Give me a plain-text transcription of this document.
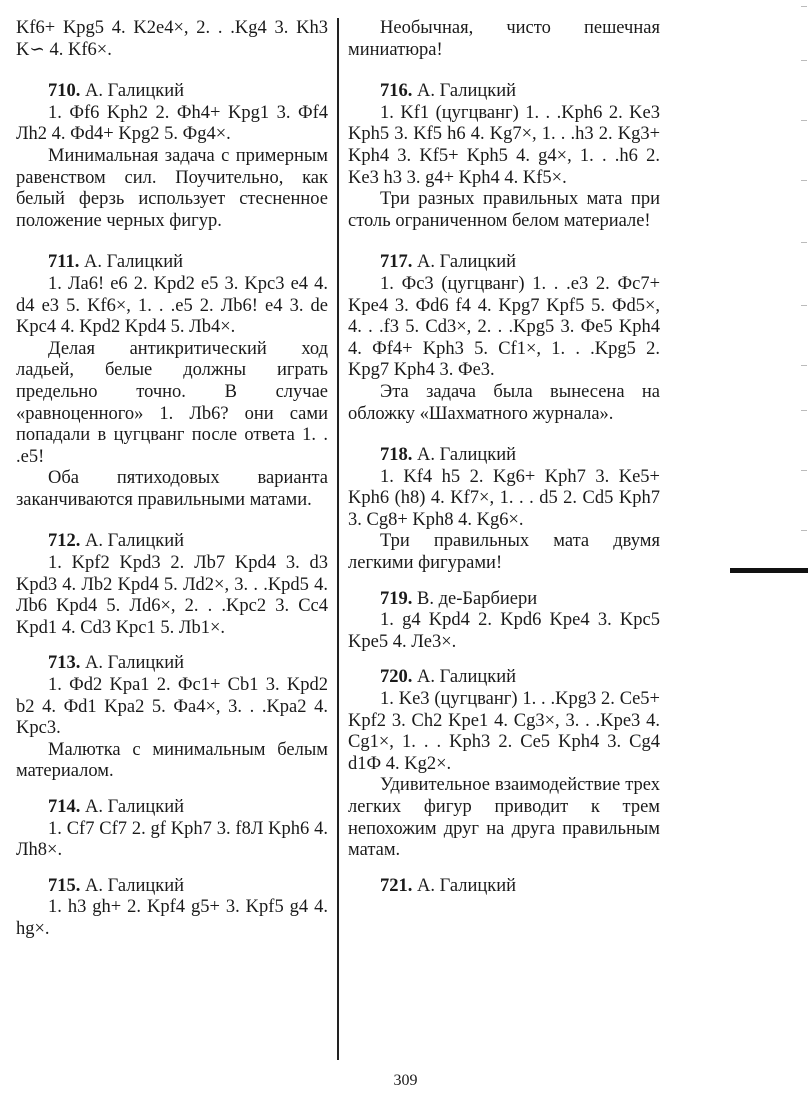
Kf6+ Kpg5 4. K2e4×, 2. . .Kg4 3. Kh3 K∽ 4. Kf6×.

710. А. Галицкий

1. Фf6 Kph2 2. Фh4+ Kpg1 3. Фf4 Лh2 4. Фd4+ Kpg2 5. Фg4×.

Минимальная задача с примерным равенством сил. Поучительно, как белый ферзь использует стесненное положение черных фигур.

711. А. Галицкий

1. Ла6! e6 2. Kpd2 e5 3. Kpc3 e4 4. d4 e3 5. Kf6×, 1. . .e5 2. Лb6! e4 3. de Kpc4 4. Kpd2 Kpd4 5. Лb4×.

Делая антикритический ход ладьей, белые должны играть предельно точно. В случае «равноценного» 1. Лb6? они сами попадали в цугцванг после ответа 1. . .e5!

Оба пятиходовых варианта заканчиваются правильными матами.

712. А. Галицкий

1. Kpf2 Kpd3 2. Лb7 Kpd4 3. d3 Kpd3 4. Лb2 Kpd4 5. Лd2×, 3. . .Kpd5 4. Лb6 Kpd4 5. Лd6×, 2. . .Kpc2 3. Cc4 Kpd1 4. Cd3 Kpc1 5. Лb1×.

713. А. Галицкий

1. Фd2 Kpa1 2. Фc1+ Cb1 3. Kpd2 b2 4. Фd1 Kpa2 5. Фa4×, 3. . .Kpa2 4. Kpc3.

Малютка с минимальным белым материалом.

714. А. Галицкий

1. Cf7 Cf7 2. gf Kph7 3. f8Л Kph6 4. Лh8×.

715. А. Галицкий

1. h3 gh+ 2. Kpf4 g5+ 3. Kpf5 g4 4. hg×.

Необычная, чисто пешечная миниатюра!

716. А. Галицкий

1. Kf1 (цугцванг) 1. . .Kph6 2. Ke3 Kph5 3. Kf5 h6 4. Kg7×, 1. . .h3 2. Kg3+ Kph4 3. Kf5+ Kph5 4. g4×, 1. . .h6 2. Ke3 h3 3. g4+ Kph4 4. Kf5×.

Три разных правильных мата при столь ограниченном белом материале!

717. А. Галицкий

1. Фс3 (цугцванг) 1. . .e3 2. Фc7+ Kpe4 3. Фd6 f4 4. Kpg7 Kpf5 5. Фd5×, 4. . .f3 5. Cd3×, 2. . .Kpg5 3. Фe5 Kph4 4. Фf4+ Kph3 5. Cf1×, 1. . .Kpg5 2. Kpg7 Kph4 3. Фe3.

Эта задача была вынесена на обложку «Шахматного журнала».

718. А. Галицкий

1. Kf4 h5 2. Kg6+ Kph7 3. Ke5+ Kph6 (h8) 4. Kf7×, 1. . . d5 2. Cd5 Kph7 3. Cg8+ Kph8 4. Kg6×.

Три правильных мата двумя легкими фигурами!

719. В. де-Барбиери

1. g4 Kpd4 2. Kpd6 Kpe4 3. Kpc5 Kpe5 4. Лe3×.

720. А. Галицкий

1. Ke3 (цугцванг) 1. . .Kpg3 2. Ce5+ Kpf2 3. Ch2 Kpe1 4. Cg3×, 3. . .Kpe3 4. Cg1×, 1. . . Kph3 2. Ce5 Kph4 3. Cg4 d1Ф 4. Kg2×.

Удивительное взаимодействие трех легких фигур приводит к трем непохожим друг на друга правильным матам.

721. А. Галицкий

309
